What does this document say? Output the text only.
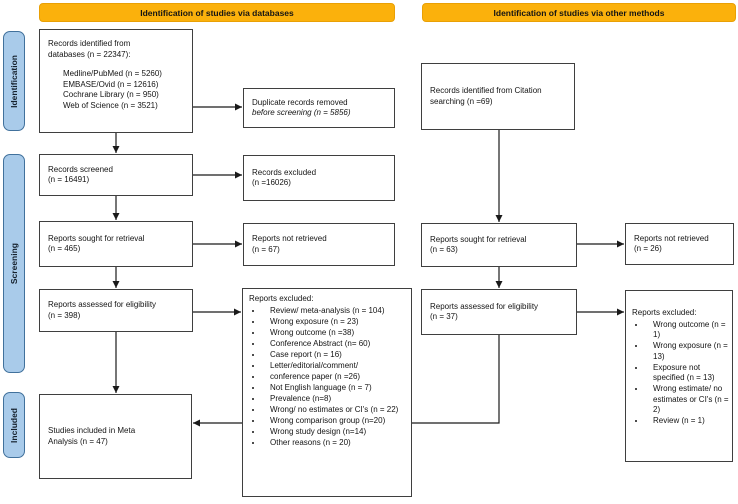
Identification of studies via databases	Identification of studies via other methods
Identification
Screening
Included
Records identified from
databases (n = 22347):
Medline/PubMed (n = 5260)
EMBASE/Ovid (n = 12616)
Cochrane Library (n = 950)
Web of Science (n = 3521)
Records screened
(n = 16491)
Reports sought for retrieval
(n = 465)
Reports assessed for eligibility
(n = 398)
Studies included in Meta
Analysis (n = 47)
Duplicate records removed
before screening (n = 5856)
Records excluded
(n =16026)
Reports not retrieved
(n = 67)
Reports excluded:
• Review/ meta-analysis (n = 104)
• Wrong exposure (n = 23)
• Wrong outcome (n =38)
• Conference Abstract (n= 60)
• Case report (n = 16)
• Letter/editorial/comment/
• conference paper (n =26)
• Not English language (n = 7)
• Prevalence (n=8)
• Wrong/ no estimates or CI's (n = 22)
• Wrong comparison group (n=20)
• Wrong study design (n=14)
• Other reasons (n = 20)
Records identified from Citation
searching (n =69)
Reports sought for retrieval
(n = 63)
Reports assessed for eligibility
(n = 37)
Reports not retrieved
(n = 26)
Reports excluded:
• Wrong outcome (n = 1)
• Wrong exposure (n = 13)
• Exposure not specified (n = 13)
• Wrong estimate/ no estimates or CI's (n = 2)
• Review (n = 1)
